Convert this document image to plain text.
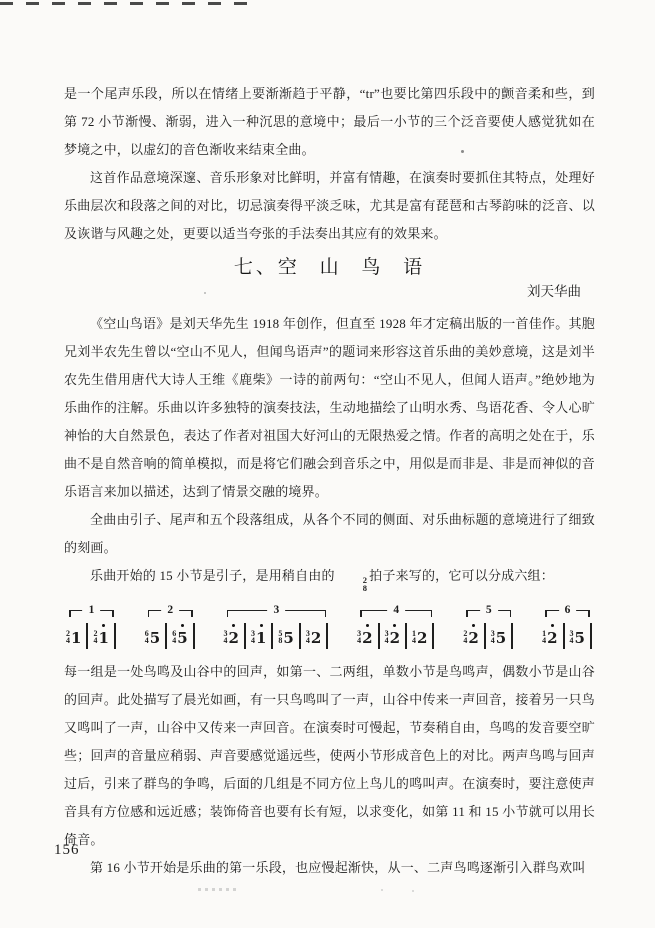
是一个尾声乐段，所以在情绪上要渐渐趋于平静，“tr”也要比第四乐段中的颤音柔和些，到第 72 小节渐慢、渐弱，进入一种沉思的意境中；最后一小节的三个泛音要使人感觉犹如在梦境之中，以虚幻的音色渐收来结束全曲。

这首作品意境深邃、音乐形象对比鲜明，并富有情趣，在演奏时要抓住其特点，处理好乐曲层次和段落之间的对比，切忌演奏得平淡乏味，尤其是富有琵琶和古琴韵味的泛音、以及诙谐与风趣之处，更要以适当夸张的手法奏出其应有的效果来。

七、空 山 鸟 语
刘天华曲

《空山鸟语》是刘天华先生 1918 年创作，但直至 1928 年才定稿出版的一首佳作。其胞兄刘半农先生曾以“空山不见人，但闻鸟语声”的题词来形容这首乐曲的美妙意境，这是刘半农先生借用唐代大诗人王维《鹿柴》一诗的前两句：“空山不见人，但闻人语声。”绝妙地为乐曲作的注解。乐曲以许多独特的演奏技法，生动地描绘了山明水秀、鸟语花香、令人心旷神怡的大自然景色，表达了作者对祖国大好河山的无限热爱之情。作者的高明之处在于，乐曲不是自然音响的简单模拟，而是将它们融会到音乐之中，用似是而非是、非是而神似的音乐语言来加以描述，达到了情景交融的境界。

全曲由引子、尾声和五个段落组成，从各个不同的侧面、对乐曲标题的意境进行了细致的刻画。

乐曲开始的 15 小节是引子，是用稍自由的	2
8
拍子来写的，它可以分成六组：

1
2
4 1 2
4 1
2
6
4 5 6
4 5
3
3
4 2 3
4 1 5
8 5 3
4 2
4
3
4 2 3
4 2 1
4 2
5
2
4 2 3
4 5
6
1
4 2 3
4 5

每一组是一处鸟鸣及山谷中的回声，如第一、二两组，单数小节是鸟鸣声，偶数小节是山谷的回声。此处描写了晨光如画，有一只鸟鸣叫了一声，山谷中传来一声回音，接着另一只鸟又鸣叫了一声，山谷中又传来一声回音。在演奏时可慢起，节奏稍自由，鸟鸣的发音要空旷些；回声的音量应稍弱、声音要感觉遥远些，使两小节形成音色上的对比。两声鸟鸣与回声过后，引来了群鸟的争鸣，后面的几组是不同方位上鸟儿的鸣叫声。在演奏时，要注意使声音具有方位感和远近感；装饰倚音也要有长有短，以求变化，如第 11 和 15 小节就可以用长倚音。

第 16 小节开始是乐曲的第一乐段，也应慢起渐快，从一、二声鸟鸣逐渐引入群鸟欢叫

156
